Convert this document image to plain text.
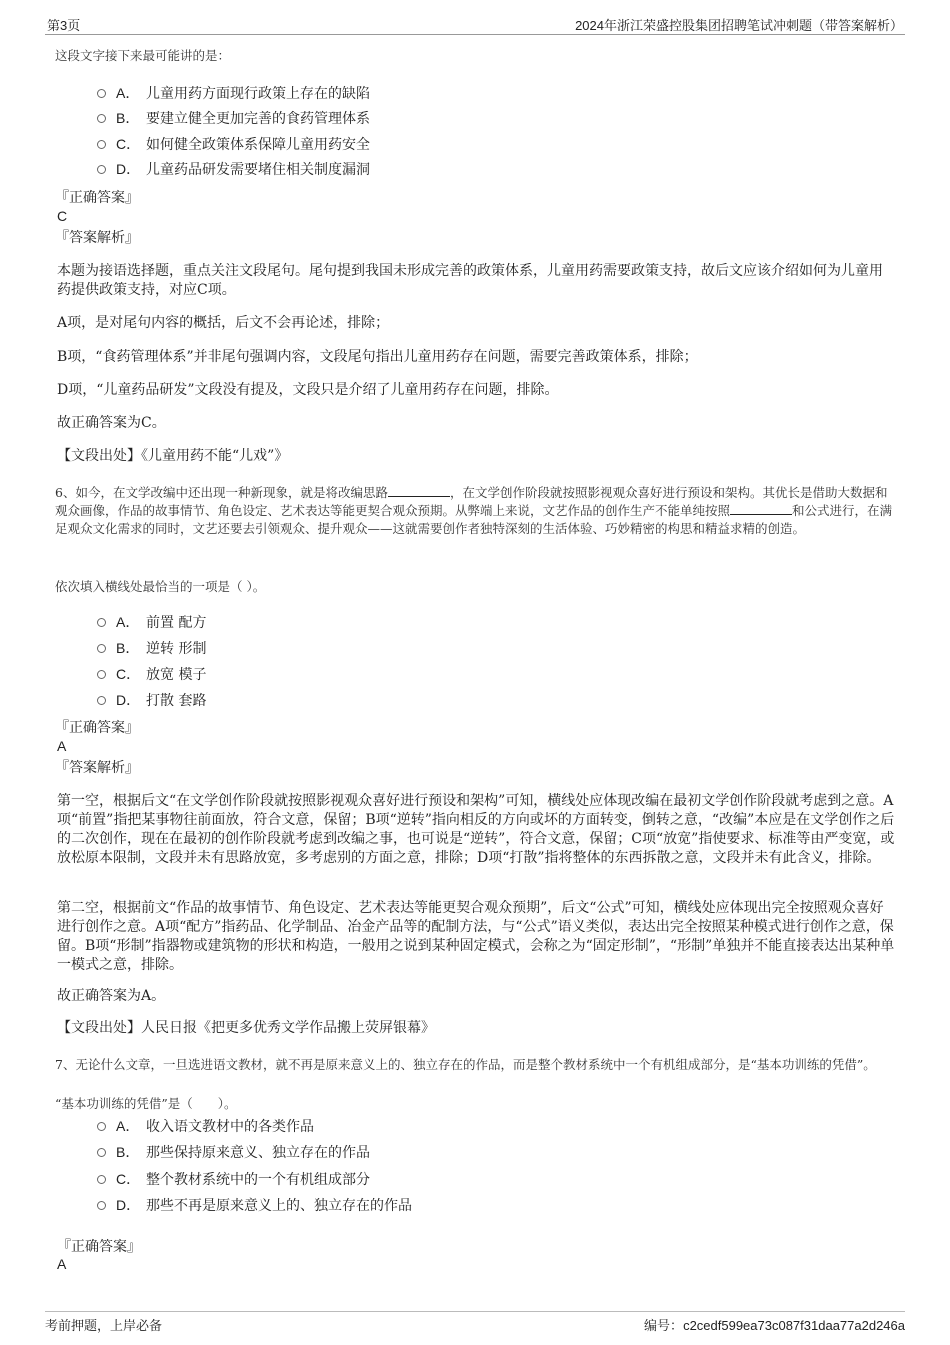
第3页	2024年浙江荣盛控股集团招聘笔试冲刺题（带答案解析）
这段文字接下来最可能讲的是：
A． 儿童用药方面现行政策上存在的缺陷
B． 要建立健全更加完善的食药管理体系
C． 如何健全政策体系保障儿童用药安全
D． 儿童药品研发需要堵住相关制度漏洞
『正确答案』
C
『答案解析』
本题为接语选择题，重点关注文段尾句。尾句提到我国未形成完善的政策体系，儿童用药需要政策支持，故后文应该介绍如何为儿童用药提供政策支持，对应C项。
A项，是对尾句内容的概括，后文不会再论述，排除；
B项，“食药管理体系”并非尾句强调内容，文段尾句指出儿童用药存在问题，需要完善政策体系，排除；
D项，“儿童药品研发”文段没有提及，文段只是介绍了儿童用药存在问题，排除。
故正确答案为C。
【文段出处】《儿童用药不能“儿戏”》
6、如今，在文学改编中还出现一种新现象，就是将改编思路	，在文学创作阶段就按照影视观众喜好进行预设和架构。其优长是借助大数据和观众画像，作品的故事情节、角色设定、艺术表达等能更契合观众预期。从弊端上来说，文艺作品的创作生产不能单纯按照	和公式进行，在满足观众文化需求的同时，文艺还要去引领观众、提升观众——这就需要创作者独特深刻的生活体验、巧妙精密的构思和精益求精的创造。
依次填入横线处最恰当的一项是（ ）。
A． 前置 配方
B． 逆转 形制
C． 放宽 模子
D． 打散 套路
『正确答案』
A
『答案解析』
第一空，根据后文“在文学创作阶段就按照影视观众喜好进行预设和架构”可知，横线处应体现改编在最初文学创作阶段就考虑到之意。A项“前置”指把某事物往前面放，符合文意，保留；B项“逆转”指向相反的方向或坏的方面转变，倒转之意，“改编”本应是在文学创作之后的二次创作，现在在最初的创作阶段就考虑到改编之事，也可说是“逆转”，符合文意，保留；C项“放宽”指使要求、标准等由严变宽，或放松原本限制，文段并未有思路放宽，多考虑别的方面之意，排除；D项“打散”指将整体的东西拆散之意，文段并未有此含义，排除。
第二空，根据前文“作品的故事情节、角色设定、艺术表达等能更契合观众预期”，后文“公式”可知，横线处应体现出完全按照观众喜好进行创作之意。A项“配方”指药品、化学制品、冶金产品等的配制方法，与“公式”语义类似，表达出完全按照某种模式进行创作之意，保留。B项“形制”指器物或建筑物的形状和构造，一般用之说到某种固定模式，会称之为“固定形制”，“形制”单独并不能直接表达出某种单一模式之意，排除。
故正确答案为A。
【文段出处】人民日报《把更多优秀文学作品搬上荧屏银幕》
7、无论什么文章，一旦选进语文教材，就不再是原来意义上的、独立存在的作品，而是整个教材系统中一个有机组成部分，是“基本功训练的凭借”。
“基本功训练的凭借”是（　　）。
A． 收入语文教材中的各类作品
B． 那些保持原来意义、独立存在的作品
C． 整个教材系统中的一个有机组成部分
D． 那些不再是原来意义上的、独立存在的作品
『正确答案』
A
考前押题，上岸必备	编号：c2cedf599ea73c087f31daa77a2d246a
